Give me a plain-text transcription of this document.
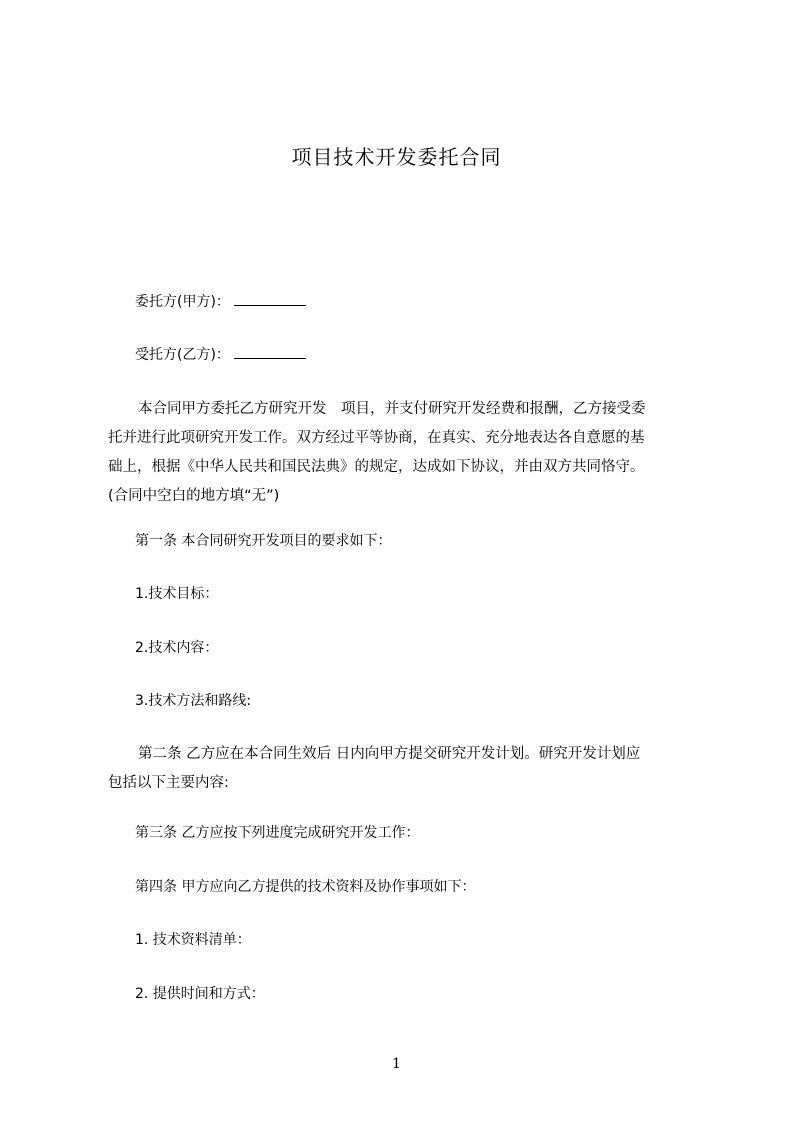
项目技术开发委托合同
委托方(甲方)：
受托方(乙方)：

本合同甲方委托乙方研究开发　项目，并支付研究开发经费和报酬，乙方接受委

托并进行此项研究开发工作。双方经过平等协商，在真实、充分地表达各自意愿的基

础上，根据《中华人民共和国民法典》的规定，达成如下协议，并由双方共同恪守。

(合同中空白的地方填“无”)

第一条 本合同研究开发项目的要求如下：
1.技术目标：
2.技术内容：
3.技术方法和路线:

第二条 乙方应在本合同生效后 日内向甲方提交研究开发计划。研究开发计划应

包括以下主要内容:

第三条 乙方应按下列进度完成研究开发工作：
第四条 甲方应向乙方提供的技术资料及协作事项如下：
1. 技术资料清单：
2. 提供时间和方式：
1
